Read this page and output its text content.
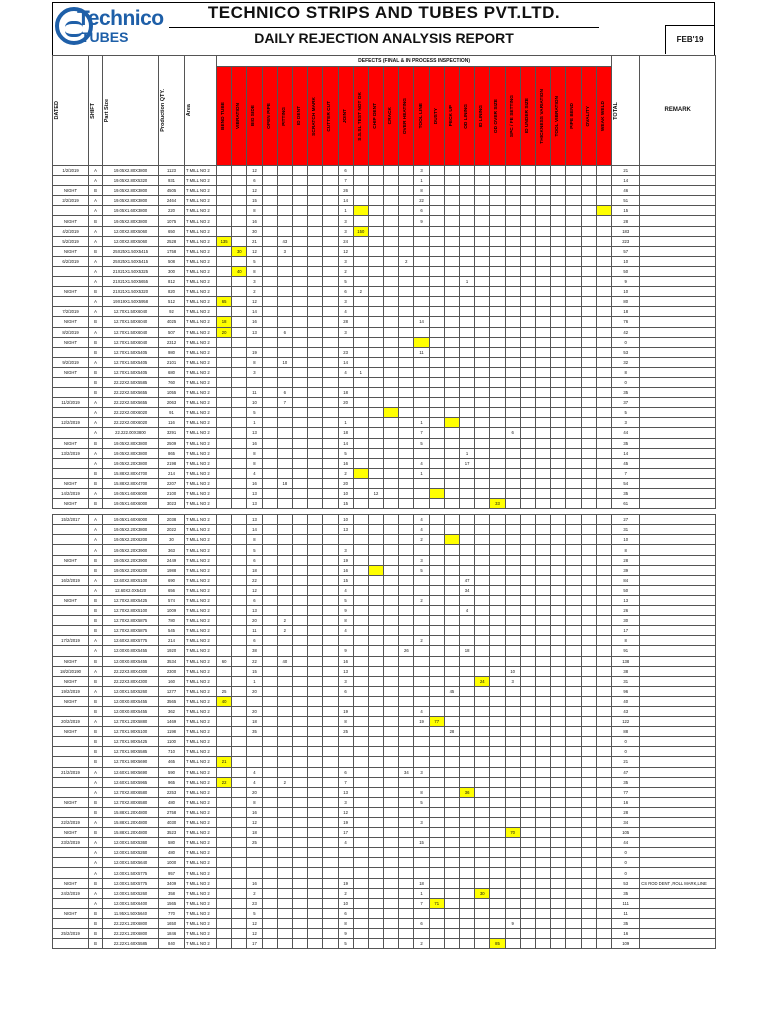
Technico
TUBES
TECHNICO STRIPS AND TUBES PVT.LTD.
DAILY REJECTION ANALYSIS REPORT	FEB'19
DATED	SHIFT	Part Size	Production QTY.	Area	DEFECTS (FINAL & IN PROCESS INSPECTION)																										TOTAL	REMARK

					BEND TUBE	VIBRATION	BIG SIDE	OPEN PIPE	PITTING	ID DENT	SCRATCH MARK	CUTTER CUT	JOINT	S.S.SL TEST NOT OK	CHIP DENT	CRACK	OVER HEATING	TOOL LINE	DUSTY	PECK UP	OD LINING	ID LINING	OD OVER SIZE	SPC / FE SETTING	ID UNDER SIZE	THICKNESS VARIATION	TOOL VIBRATION	PIPE BEND	OVALITY	WEAK WELD		

1/2/2019	A	19.05X2.80X3800	1123	T MILL NO 2			12						6					3													21	
	A	19.05X2.80X5320	931	T MILL NO 2			6						7					1													14	
NIGHT	B	19.05X2.80X3800	4505	T MILL NO 2			12						26					8													46	
2/2/2019	A	19.05X2.80X3800	2464	T MILL NO 2			15						14					22													51	
	A	19.05X1.60X3800	220	T MILL NO 2			8						1					6													15	
NIGHT	B	19.05X2.80X3800	1075	T MILL NO 2			16						3					9													28	
4/2/2019	A	12.00X2.80X5060	650	T MILL NO 2			30						3	150																	183	
5/2/2019	A	12.00X2.80X5060	2528	T MILL NO 2	135		21		43				24																		223	
NIGHT	B	25X25X1.50X5415	1758	T MILL NO 2		30	12		3				12																		57	
6/2/2019	A	25X25X1.50X5415	508	T MILL NO 2			5						3				2														10	
	A	21X21X1.50X5325	300	T MILL NO 2		40	8						2																		50	
	A	21X21X1.50X5655	812	T MILL NO 2			3						5								1										9	
NIGHT	B	21X21X1.50X5320	820	T MILL NO 2			2						6	2																	10	
	A	19X19X1.50X5958	512	T MILL NO 2	65		12						3																		80	
7/2/2019	A	12.70X1.50X6040	92	T MILL NO 2			14						4																		18	
NIGHT	B	12.70X1.50X6040	4025	T MILL NO 2	18		16						28					14													76	
8/2/2019	A	12.70X1.50X6040	507	T MILL NO 2	20		13		6				3																		42	
NIGHT	B	12.70X1.50X6040	2312	T MILL NO 2																											0	
	B	12.70X1.50X5405	980	T MILL NO 2			19						23					11													53	
9/2/2019	A	12.70X1.50X5405	2101	T MILL NO 2			8		10				14																		32	
NIGHT	B	12.70X1.50X5405	680	T MILL NO 2			3						4	1																	8	
	B	22.22X2.50X5585	760	T MILL NO 2																											0	
	B	22.22X2.50X5655	1055	T MILL NO 2			11		6				18																		35	
11/2/2019	A	22.22X2.50X5655	2063	T MILL NO 2			10		7				20																		37	
	A	22.22X2.00X6020	91	T MILL NO 2			5																								5	
12/2/2019	A	22.22X2.00X6020	116	T MILL NO 2			1						1					1													3	
	A	22.222.00X3800	3291	T MILL NO 2			13						18					7						6							44	
NIGHT	B	19.05X2.80X3800	2509	T MILL NO 2			16						14					5													35	
13/2/2019	A	19.05X2.80X3800	865	T MILL NO 2			8						5								1										14	
	A	19.05X2.20X3800	2198	T MILL NO 2			8						16					4			17										45	
	B	15.88X2.80X4700	214	T MILL NO 2			4						2					1													7	
NIGHT	B	15.88X2.80X4700	2207	T MILL NO 2			16		18				20																		54	
14/2/2019	A	19.05X1.60X6000	2100	T MILL NO 2			13						10		12																35	
NIGHT	B	19.05X1.60X6000	3023	T MILL NO 2			13						15										33								61	

15/2/2017	A	19.05X1.60X6000	2038	T MILL NO 2			13						10					4													27	
	A	19.05X2.20X3800	2022	T MILL NO 2			14						13					4													31	
	A	19.05X2.20X6200	30	T MILL NO 2			8											2													10	
	A	19.05X2.20X3900	363	T MILL NO 2			5						3																		8	
NIGHT	B	19.05X2.20X3900	2449	T MILL NO 2			6						19					3													28	
	B	19.05X2.20X6200	1988	T MILL NO 2			18						16					5													39	
16/2/2019	A	12.60X2.80X5100	690	T MILL NO 2			22						15								47										84	
	A	12.60X2.0X5420	656	T MILL NO 2			12						4								34										50	
NIGHT	B	12.70X2.80X5425	574	T MILL NO 2			6						5					2													13	
	B	12.70X2.80X5100	1009	T MILL NO 2			13						9								4										26	
	B	12.70X2.80X5875	780	T MILL NO 2			20		2				8																		30	
	B	12.70X2.80X5875	545	T MILL NO 2			11		2				4																		17	
17/2/2019	A	12.60X2.80X5775	214	T MILL NO 2			6											2													8	
	A	12.00X0.80X5455	1920	T MILL NO 2			38						9				26				18										91	
NIGHT	B	12.00X0.80X5455	3534	T MILL NO 2	60		22		40				16																		138	
18/2/20190	A	22.22X3.80X4300	2300	T MILL NO 2			15						13											10							38	
NIGHT	B	22.22X3.80X4300	160	T MILL NO 2			1						3									24		3							31	
19/2/2019	A	12.00X1.50X5260	1277	T MILL NO 2	25		20						6							45											96	
NIGHT	B	12.00X0.80X5455	3565	T MILL NO 2	40																										40	
	B	12.00X0.80X5455	362	T MILL NO 2			20						19					4													43	
20/2/2019	A	12.70X1.20X5880	1469	T MILL NO 2			18						8					19	77												122	
NIGHT	B	12.70X1.90X5100	1198	T MILL NO 2			35						25							28											88	
	B	12.70X1.90X5425	1100	T MILL NO 2																											0	
	B	12.70X1.90X5585	710	T MILL NO 2																											0	
	B	12.70X1.90X5690	465	T MILL NO 2	21																										21	
21/2/2019	A	12.60X1.90X5690	590	T MILL NO 2			4						6				34	3													47	
	A	12.60X1.50X5965	965	T MILL NO 2	22		4		2				7																		35	
	A	12.70X2.80X6580	2253	T MILL NO 2			20						13					8			36										77	
NIGHT	B	12.70X2.80X6580	480	T MILL NO 2			8						3					5													16	
	B	15.88X1.20X4800	2758	T MILL NO 2			16						12																		28	
22/2/2019	A	15.88X1.20X4800	4030	T MILL NO 2			12						19					3													34	
NIGHT	B	15.88X1.20X4800	3523	T MILL NO 2			18						17											70							105	
23/2/2019	A	12.00X1.50X5360	580	T MILL NO 2			25						4					15													44	
	A	12.00X1.50X5260	480	T MILL NO 2																											0	
	A	12.00X1.50X5640	1000	T MILL NO 2																											0	
	A	12.00X1.50X5775	957	T MILL NO 2																											0	
NIGHT	B	12.00X1.50X5775	3409	T MILL NO 2			16						19					18													53	CS ROD DENT ,ROLL MARK,LINE
24/2/2019	A	12.00X1.50X5260	358	T MILL NO 2			2						2					1				30									35	
	A	12.00X1.50X6400	1565	T MILL NO 2			23						10					7	71												111	
NIGHT	B	11.95X1.50X5640	770	T MILL NO 2			5						6																		11	
	B	22.22X1.20X6800	1650	T MILL NO 2			12						8					6						9							35	
25/2/2019	B	22.22X1.20X6800	1846	T MILL NO 2			12						9																		16	
	B	22.22X1.60X5585	840	T MILL NO 2			17						5					2					85								109	
